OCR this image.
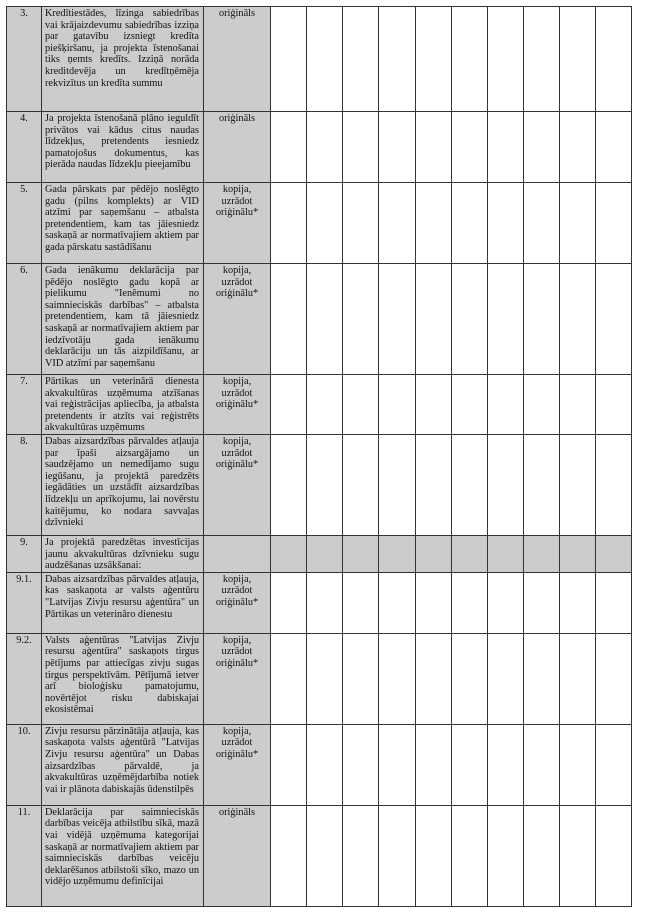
3.	Kredītiestādes, līzinga sabiedrības vai krājaizdevumu sabiedrības izziņa par gatavību izsniegt kredīta piešķiršanu, ja projekta īstenošanai tiks ņemts kredīts. Izziņā norāda kreditdevēja un kredītņēmēja rekvizītus un kredīta summu	oriģināls										
4.	Ja projekta īstenošanā plāno ieguldīt privātos vai kādus citus naudas līdzekļus, pretendents iesniedz pamatojošus dokumentus, kas pierāda naudas līdzekļu pieejamību	oriģināls										
5.	Gada pārskats par pēdējo noslēgto gadu (pilns komplekts) ar VID atzīmi par saņemšanu – atbalsta pretendentiem, kam tas jāiesniedz saskaņā ar normatīvajiem aktiem par gada pārskatu sastādīšanu	kopija, uzrādot oriģinālu*										
6.	Gada ienākumu deklarācija par pēdējo noslēgto gadu kopā ar pielikumu "Ienēmumi no saimnieciskās darbības" – atbalsta pretendentiem, kam tā jāiesniedz saskaņā ar normatīvajiem aktiem par iedzīvotāju gada ienākumu deklarāciju un tās aizpildīšanu, ar VID atzīmi par saņemšanu	kopija, uzrādot oriģinālu*										
7.	Pārtikas un veterinārā dienesta akvakultūras uzņēmuma atzīšanas vai reģistrācijas apliecība, ja atbalsta pretendents ir atzīts vai reģistrēts akvakultūras uzņēmums	kopija, uzrādot oriģinālu*										
8.	Dabas aizsardzības pārvaldes atļauja par īpaši aizsargājamo un saudzējamo un nemedījamo sugu iegūšanu, ja projektā paredzēts iegādāties un uzstādīt aizsardzības līdzekļu un aprīkojumu, lai novērstu kaitējumu, ko nodara savvaļas dzīvnieki	kopija, uzrādot oriģinālu*										
9.	Ja projektā paredzētas investīcijas jaunu akvakultūras dzīvnieku sugu audzēšanas uzsākšanai:											
9.1.	Dabas aizsardzības pārvaldes atļauja, kas saskaņota ar valsts aģentūru "Latvijas Zivju resursu aģentūra" un Pārtikas un veterināro dienestu	kopija, uzrādot oriģinālu*										
9.2.	Valsts aģentūras "Latvijas Zivju resursu aģentūra" saskaņots tirgus pētījums par attiecīgas zivju sugas tirgus perspektīvām. Pētījumā ietver arī bioloģisku pamatojumu, novērtējot risku dabiskajai ekosistēmai	kopija, uzrādot oriģinālu*										
10.	Zivju resursu pārzinātāja atļauja, kas saskaņota valsts aģentūrā "Latvijas Zivju resursu aģentūra" un Dabas aizsardzības pārvaldē, ja akvakultūras uzņēmējdarbība notiek vai ir plānota dabiskajās ūdenstilpēs	kopija, uzrādot oriģinālu*										
11.	Deklarācija par saimnieciskās darbības veicēja atbilstību sīkā, mazā vai vidējā uzņēmuma kategorijai saskaņā ar normatīvajiem aktiem par saimnieciskās darbības veicēju deklarēšanos atbilstoši sīko, mazo un vidējo uzņēmumu definīcijai	oriģināls										
